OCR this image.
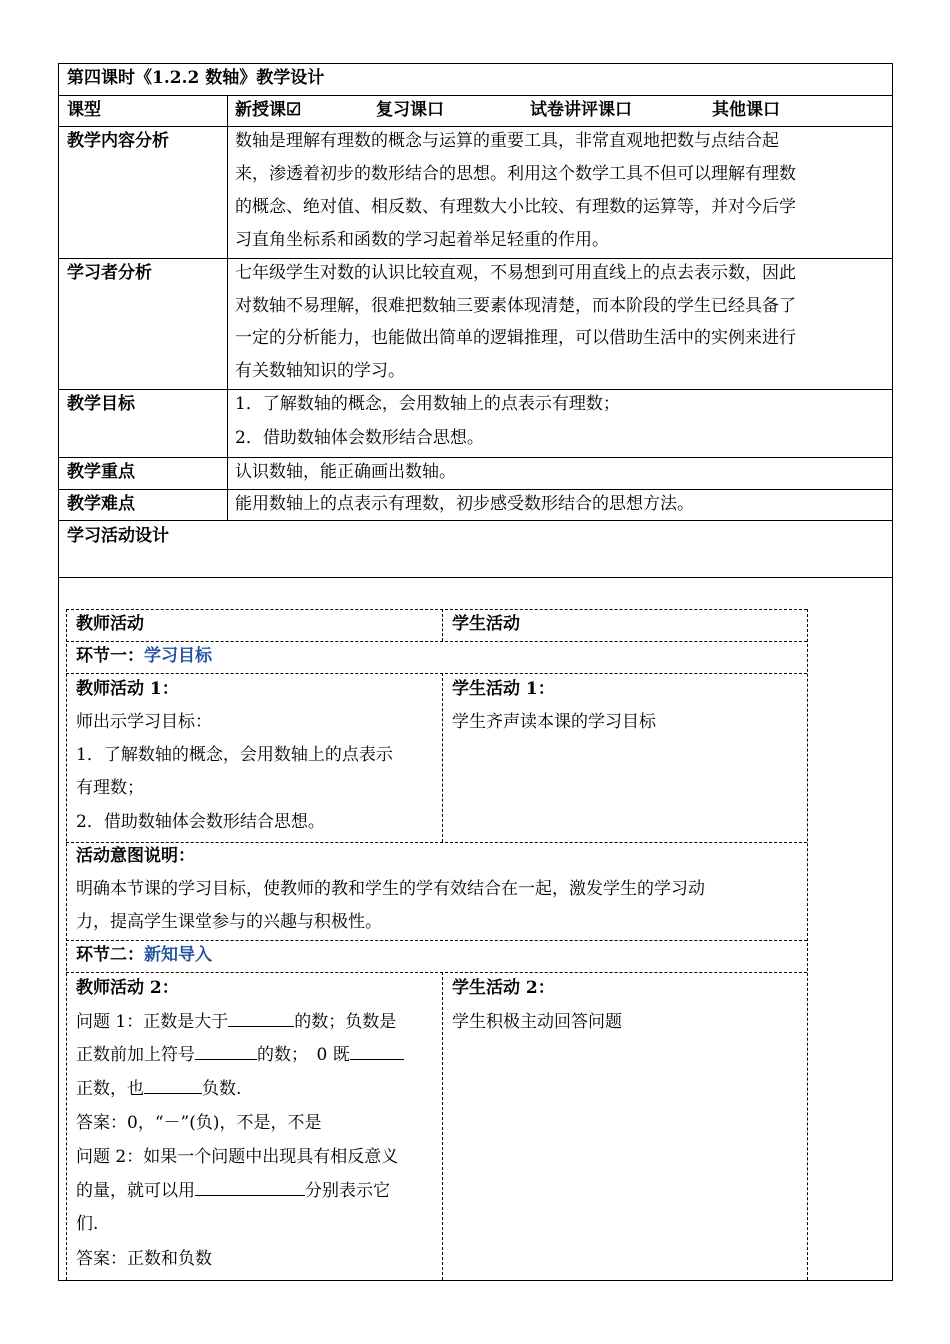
第四课时《1.2.2 数轴》教学设计
课型	新授课☑	复习课口	试卷讲评课口	其他课口
教学内容分析	数轴是理解有理数的概念与运算的重要工具，非常直观地把数与点结合起
来，渗透着初步的数形结合的思想。利用这个数学工具不但可以理解有理数
的概念、绝对值、相反数、有理数大小比较、有理数的运算等，并对今后学
习直角坐标系和函数的学习起着举足轻重的作用。
学习者分析	七年级学生对数的认识比较直观，不易想到可用直线上的点去表示数，因此
对数轴不易理解，很难把数轴三要素体现清楚，而本阶段的学生已经具备了
一定的分析能力，也能做出简单的逻辑推理，可以借助生活中的实例来进行
有关数轴知识的学习。
教学目标	1．了解数轴的概念，会用数轴上的点表示有理数；
2．借助数轴体会数形结合思想。
教学重点	认识数轴，能正确画出数轴。
教学难点	能用数轴上的点表示有理数，初步感受数形结合的思想方法。
学习活动设计
教师活动	学生活动
环节一：学习目标
教师活动 1：
师出示学习目标：
1．了解数轴的概念，会用数轴上的点表示
有理数；
2．借助数轴体会数形结合思想。
学生活动 1：
学生齐声读本课的学习目标
活动意图说明：
明确本节课的学习目标，使教师的教和学生的学有效结合在一起，激发学生的学习动
力，提高学生课堂参与的兴趣与积极性。
环节二：新知导入
教师活动 2：
问题 1：正数是大于	的数；负数是
正数前加上符号	的数；　0 既
正数，也	负数.
答案：0，“－”(负)，不是，不是
问题 2：如果一个问题中出现具有相反意义
的量，就可以用	分别表示它
们.
答案：正数和负数
学生活动 2：
学生积极主动回答问题
